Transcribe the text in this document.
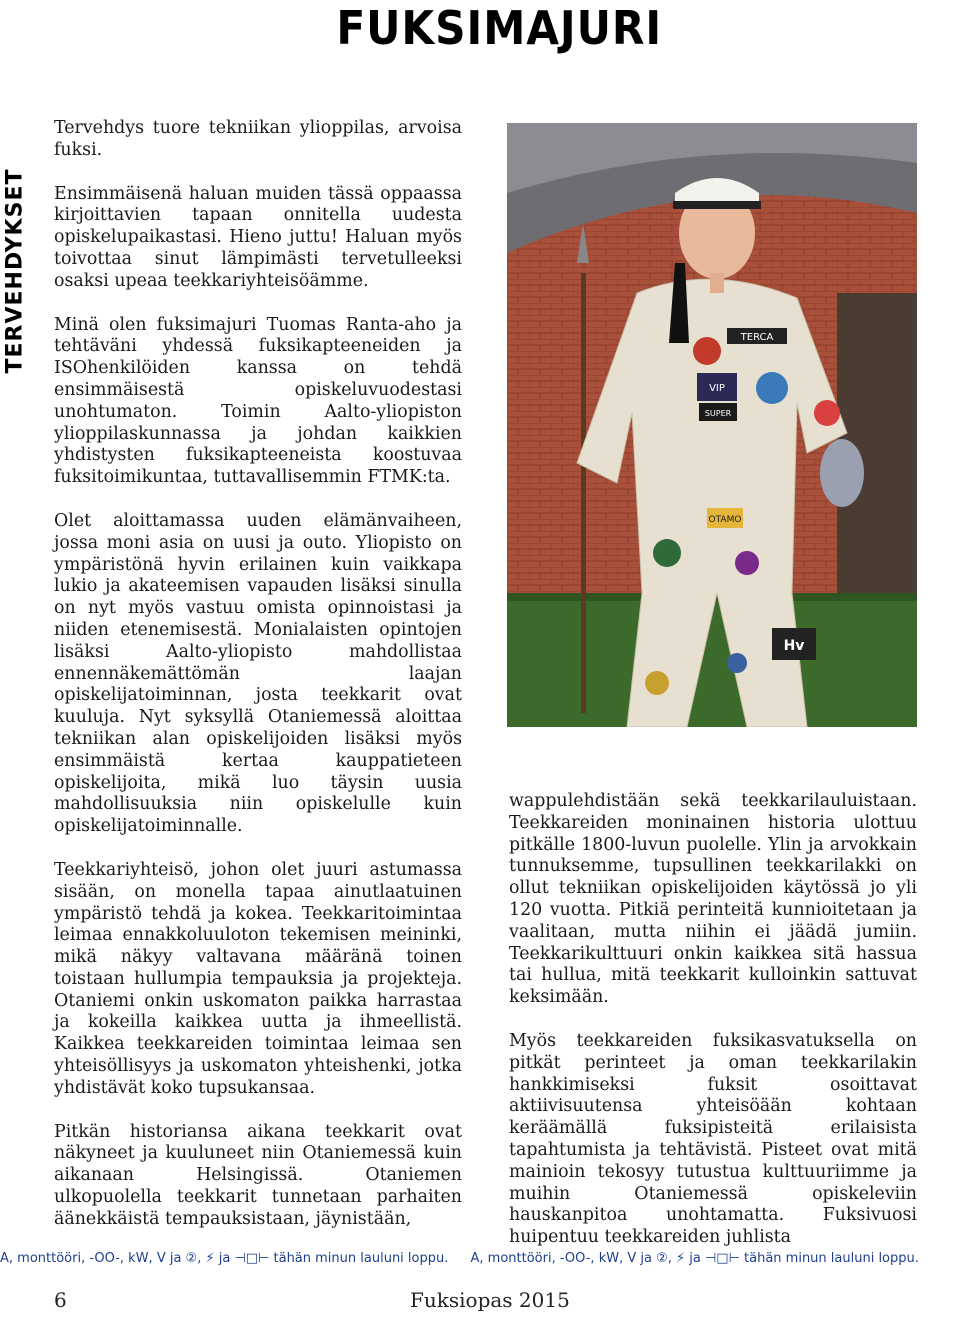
FUKSIMAJURI
TERVEHDYKSET

Tervehdys tuore tekniikan ylioppilas, arvoisa fuksi.

Ensimmäisenä haluan muiden tässä oppaassa kirjoittavien tapaan onnitella uudesta opiskelupaikastasi. Hieno juttu! Haluan myös toivottaa sinut lämpimästi tervetulleeksi osaksi upeaa teekkariyhteisöämme.

Minä olen fuksimajuri Tuomas Ranta-aho ja tehtäväni yhdessä fuksikapteeneiden ja ISOhenkilöiden kanssa on tehdä ensimmäisestä opiskeluvuodestasi unohtumaton. Toimin Aalto-yliopiston ylioppilaskunnassa ja johdan kaikkien yhdistysten fuksikapteeneista koostuvaa fuksitoimikuntaa, tuttavallisemmin FTMK:ta.

Olet aloittamassa uuden elämänvaiheen, jossa moni asia on uusi ja outo. Yliopisto on ympäristönä hyvin erilainen kuin vaikkapa lukio ja akateemisen vapauden lisäksi sinulla on nyt myös vastuu omista opinnoistasi ja niiden etenemisestä. Monialaisten opintojen lisäksi Aalto-yliopisto mahdollistaa ennennäkemättömän laajan opiskelijatoiminnan, josta teekkarit ovat kuuluja. Nyt syksyllä Otaniemessä aloittaa tekniikan alan opiskelijoiden lisäksi myös ensimmäistä kertaa kauppatieteen opiskelijoita, mikä luo täysin uusia mahdollisuuksia niin opiskelulle kuin opiskelijatoiminnalle.

Teekkariyhteisö, johon olet juuri astumassa sisään, on monella tapaa ainutlaatuinen ympäristö tehdä ja kokea. Teekkaritoimintaa leimaa ennakkoluuloton tekemisen meininki, mikä näkyy valtavana määränä toinen toistaan hullumpia tempauksia ja projekteja. Otaniemi onkin uskomaton paikka harrastaa ja kokeilla kaikkea uutta ja ihmeellistä. Kaikkea teekkareiden toimintaa leimaa sen yhteisöllisyys ja uskomaton yhteishenki, jotka yhdistävät koko tupsukansaa.

Pitkän historiansa aikana teekkarit ovat näkyneet ja kuuluneet niin Otaniemessä kuin aikanaan Helsingissä. Otaniemen ulkopuolella teekkarit tunnetaan parhaiten äänekkäistä tempauksistaan, jäynistään,

TERCA
VIP
SUPER
OTAMO
Hv

wappulehdistään sekä teekkarilauluistaan. Teekkareiden moninainen historia ulottuu pitkälle 1800-luvun puolelle. Ylin ja arvokkain tunnuksemme, tupsullinen teekkarilakki on ollut tekniikan opiskelijoiden käytössä jo yli 120 vuotta. Pitkiä perinteitä kunnioitetaan ja vaalitaan, mutta niihin ei jäädä jumiin. Teekkarikulttuuri onkin kaikkea sitä hassua tai hullua, mitä teekkarit kulloinkin sattuvat keksimään.

Myös teekkareiden fuksikasvatuksella on pitkät perinteet ja oman teekkarilakin hankkimiseksi fuksit osoittavat aktiivisuutensa yhteisöään kohtaan keräämällä fuksipisteitä erilaisista tapahtumista ja tehtävistä. Pisteet ovat mitä mainioin tekosyy tutustua kulttuuriimme ja muihin Otaniemessä opiskeleviin hauskanpitoa unohtamatta. Fuksivuosi huipentuu teekkareiden juhlista

A, monttööri, -OO-, kW, V ja ②, ⚡ ja ⊣□⊢ tähän minun lauluni loppu. A, monttööri, -OO-, kW, V ja ②, ⚡ ja ⊣□⊢ tähän minun lauluni loppu.
6	Fuksiopas 2015
